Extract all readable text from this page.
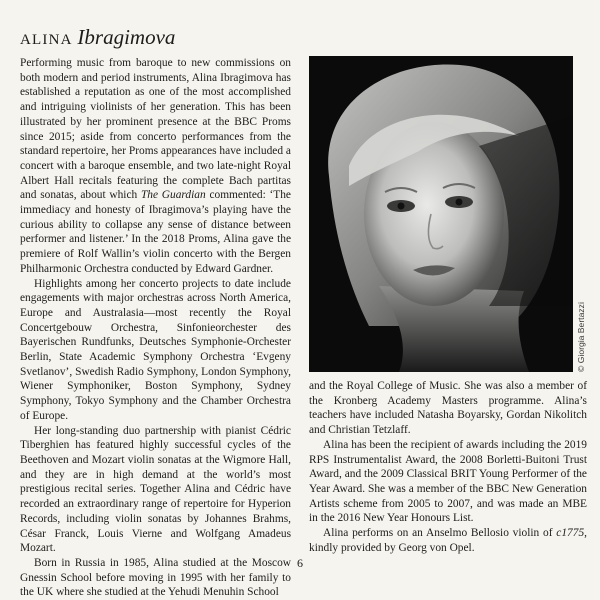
ALINA Ibragimova

Performing music from baroque to new commissions on both modern and period instruments, Alina Ibragimova has established a reputation as one of the most accomplished and intriguing violinists of her generation. This has been illustrated by her prominent presence at the BBC Proms since 2015; aside from concerto performances from the standard repertoire, her Proms appearances have included a concert with a baroque ensemble, and two late-night Royal Albert Hall recitals featuring the complete Bach partitas and sonatas, about which The Guardian commented: ‘The immediacy and honesty of Ibragimova’s playing have the curious ability to collapse any sense of distance between performer and listener.’ In the 2018 Proms, Alina gave the premiere of Rolf Wallin’s violin concerto with the Bergen Philharmonic Orchestra conducted by Edward Gardner.

Highlights among her concerto projects to date include engagements with major orchestras across North America, Europe and Australasia—most recently the Royal Concertgebouw Orchestra, Sinfonieorchester des Bayerischen Rundfunks, Deutsches Symphonie-Orchester Berlin, State Academic Symphony Orchestra ‘Evgeny Svetlanov’, Swedish Radio Symphony, London Symphony, Wiener Symphoniker, Boston Symphony, Sydney Symphony, Tokyo Symphony and the Chamber Orchestra of Europe.

Her long-standing duo partnership with pianist Cédric Tiberghien has featured highly successful cycles of the Beethoven and Mozart violin sonatas at the Wigmore Hall, and they are in high demand at the world’s most prestigious recital series. Together Alina and Cédric have recorded an extraordinary range of repertoire for Hyperion Records, including violin sonatas by Johannes Brahms, César Franck, Louis Vierne and Wolfgang Amadeus Mozart.

Born in Russia in 1985, Alina studied at the Moscow Gnessin School before moving in 1995 with her family to the UK where she studied at the Yehudi Menuhin School

© Giorgia Bertazzi

and the Royal College of Music. She was also a member of the Kronberg Academy Masters programme. Alina’s teachers have included Natasha Boyarsky, Gordan Nikolitch and Christian Tetzlaff.

Alina has been the recipient of awards including the 2019 RPS Instrumentalist Award, the 2008 Borletti-Buitoni Trust Award, and the 2009 Classical BRIT Young Performer of the Year Award. She was a member of the BBC New Generation Artists scheme from 2005 to 2007, and was made an MBE in the 2016 New Year Honours List.

Alina performs on an Anselmo Bellosio violin of c1775, kindly provided by Georg von Opel.

6
